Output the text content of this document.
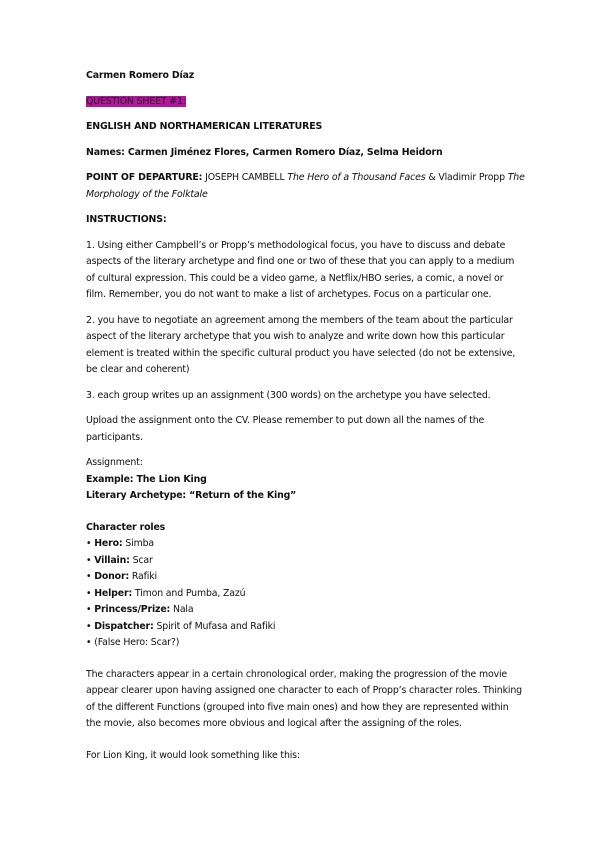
Carmen Romero Díaz
QUESTION SHEET #1:
ENGLISH AND NORTHAMERICAN LITERATURES
Names: Carmen Jiménez Flores, Carmen Romero Díaz, Selma Heidorn
POINT OF DEPARTURE: JOSEPH CAMBELL The Hero of a Thousand Faces & Vladimir Propp The
Morphology of the Folktale
INSTRUCTIONS:
1. Using either Campbell’s or Propp’s methodological focus, you have to discuss and debate
aspects of the literary archetype and find one or two of these that you can apply to a medium
of cultural expression. This could be a video game, a Netflix/HBO series, a comic, a novel or
film. Remember, you do not want to make a list of archetypes. Focus on a particular one.
2. you have to negotiate an agreement among the members of the team about the particular
aspect of the literary archetype that you wish to analyze and write down how this particular
element is treated within the specific cultural product you have selected (do not be extensive,
be clear and coherent)
3. each group writes up an assignment (300 words) on the archetype you have selected.
Upload the assignment onto the CV. Please remember to put down all the names of the
participants.
Assignment:
Example: The Lion King
Literary Archetype: “Return of the King”
Character roles
• Hero: Simba
• Villain: Scar
• Donor: Rafiki
• Helper: Timon and Pumba, Zazú
• Princess/Prize: Nala
• Dispatcher: Spirit of Mufasa and Rafiki
• (False Hero: Scar?)
The characters appear in a certain chronological order, making the progression of the movie
appear clearer upon having assigned one character to each of Propp’s character roles. Thinking
of the different Functions (grouped into five main ones) and how they are represented within
the movie, also becomes more obvious and logical after the assigning of the roles.
For Lion King, it would look something like this:
